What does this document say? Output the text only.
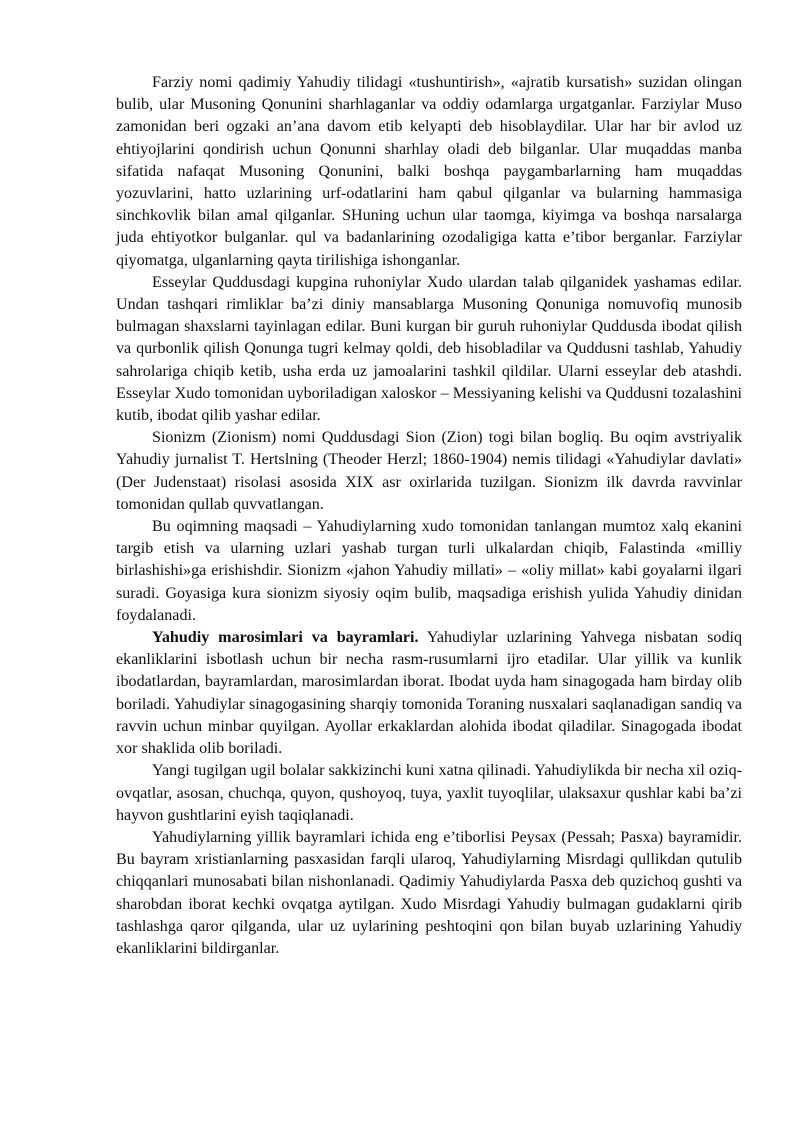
Farziy nomi qadimiy Yahudiy tilidagi «tushuntirish», «ajratib kursatish» suzidan olingan bulib, ular Musoning Qonunini sharhlaganlar va oddiy odamlarga urgatganlar. Farziylar Muso zamonidan beri ogzaki an’ana davom etib kelyapti deb hisoblaydilar. Ular har bir avlod uz ehtiyojlarini qondirish uchun Qonunni sharhlay oladi deb bilganlar. Ular muqaddas manba sifatida nafaqat Musoning Qonunini, balki boshqa paygambarlarning ham muqaddas yozuvlarini, hatto uzlarining urf-odatlarini ham qabul qilganlar va bularning hammasiga sinchkovlik bilan amal qilganlar. SHuning uchun ular taomga, kiyimga va boshqa narsalarga juda ehtiyotkor bulganlar. qul va badanlarining ozodaligiga katta e’tibor berganlar. Farziylar qiyomatga, ulganlarning qayta tirilishiga ishonganlar.

Esseylar Quddusdagi kupgina ruhoniylar Xudo ulardan talab qilganidek yashamas edilar. Undan tashqari rimliklar ba’zi diniy mansablarga Musoning Qonuniga nomuvofiq munosib bulmagan shaxslarni tayinlagan edilar. Buni kurgan bir guruh ruhoniylar Quddusda ibodat qilish va qurbonlik qilish Qonunga tugri kelmay qoldi, deb hisobladilar va Quddusni tashlab, Yahudiy sahrolariga chiqib ketib, usha erda uz jamoalarini tashkil qildilar. Ularni esseylar deb atashdi. Esseylar Xudo tomonidan uyboriladigan xaloskor – Messiyaning kelishi va Quddusni tozalashini kutib, ibodat qilib yashar edilar.

Sionizm (Zionism) nomi Quddusdagi Sion (Zion) togi bilan bogliq. Bu oqim avstriyalik Yahudiy jurnalist T. Hertslning (Theoder Herzl; 1860-1904) nemis tilidagi «Yahudiylar davlati» (Der Judenstaat) risolasi asosida XIX asr oxirlarida tuzilgan. Sionizm ilk davrda ravvinlar tomonidan qullab quvvatlangan.

Bu oqimning maqsadi – Yahudiylarning xudo tomonidan tanlangan mumtoz xalq ekanini targib etish va ularning uzlari yashab turgan turli ulkalardan chiqib, Falastinda «milliy birlashishi»ga erishishdir. Sionizm «jahon Yahudiy millati» – «oliy millat» kabi goyalarni ilgari suradi. Goyasiga kura sionizm siyosiy oqim bulib, maqsadiga erishish yulida Yahudiy dinidan foydalanadi.

Yahudiy marosimlari va bayramlari. Yahudiylar uzlarining Yahvega nisbatan sodiq ekanliklarini isbotlash uchun bir necha rasm-rusumlarni ijro etadilar. Ular yillik va kunlik ibodatlardan, bayramlardan, marosimlardan iborat. Ibodat uyda ham sinagogada ham birday olib boriladi. Yahudiylar sinagogasining sharqiy tomonida Toraning nusxalari saqlanadigan sandiq va ravvin uchun minbar quyilgan. Ayollar erkaklardan alohida ibodat qiladilar. Sinagogada ibodat xor shaklida olib boriladi.

Yangi tugilgan ugil bolalar sakkizinchi kuni xatna qilinadi. Yahudiylikda bir necha xil oziq-ovqatlar, asosan, chuchqa, quyon, qushoyoq, tuya, yaxlit tuyoqlilar, ulaksaxur qushlar kabi ba’zi hayvon gushtlarini eyish taqiqlanadi.

Yahudiylarning yillik bayramlari ichida eng e’tiborlisi Peysax (Pessah; Pasxa) bayramidir. Bu bayram xristianlarning pasxasidan farqli ularoq, Yahudiylarning Misrdagi qullikdan qutulib chiqqanlari munosabati bilan nishonlanadi. Qadimiy Yahudiylarda Pasxa deb quzichoq gushti va sharobdan iborat kechki ovqatga aytilgan. Xudo Misrdagi Yahudiy bulmagan gudaklarni qirib tashlashga qaror qilganda, ular uz uylarining peshtoqini qon bilan buyab uzlarining Yahudiy ekanliklarini bildirganlar.
